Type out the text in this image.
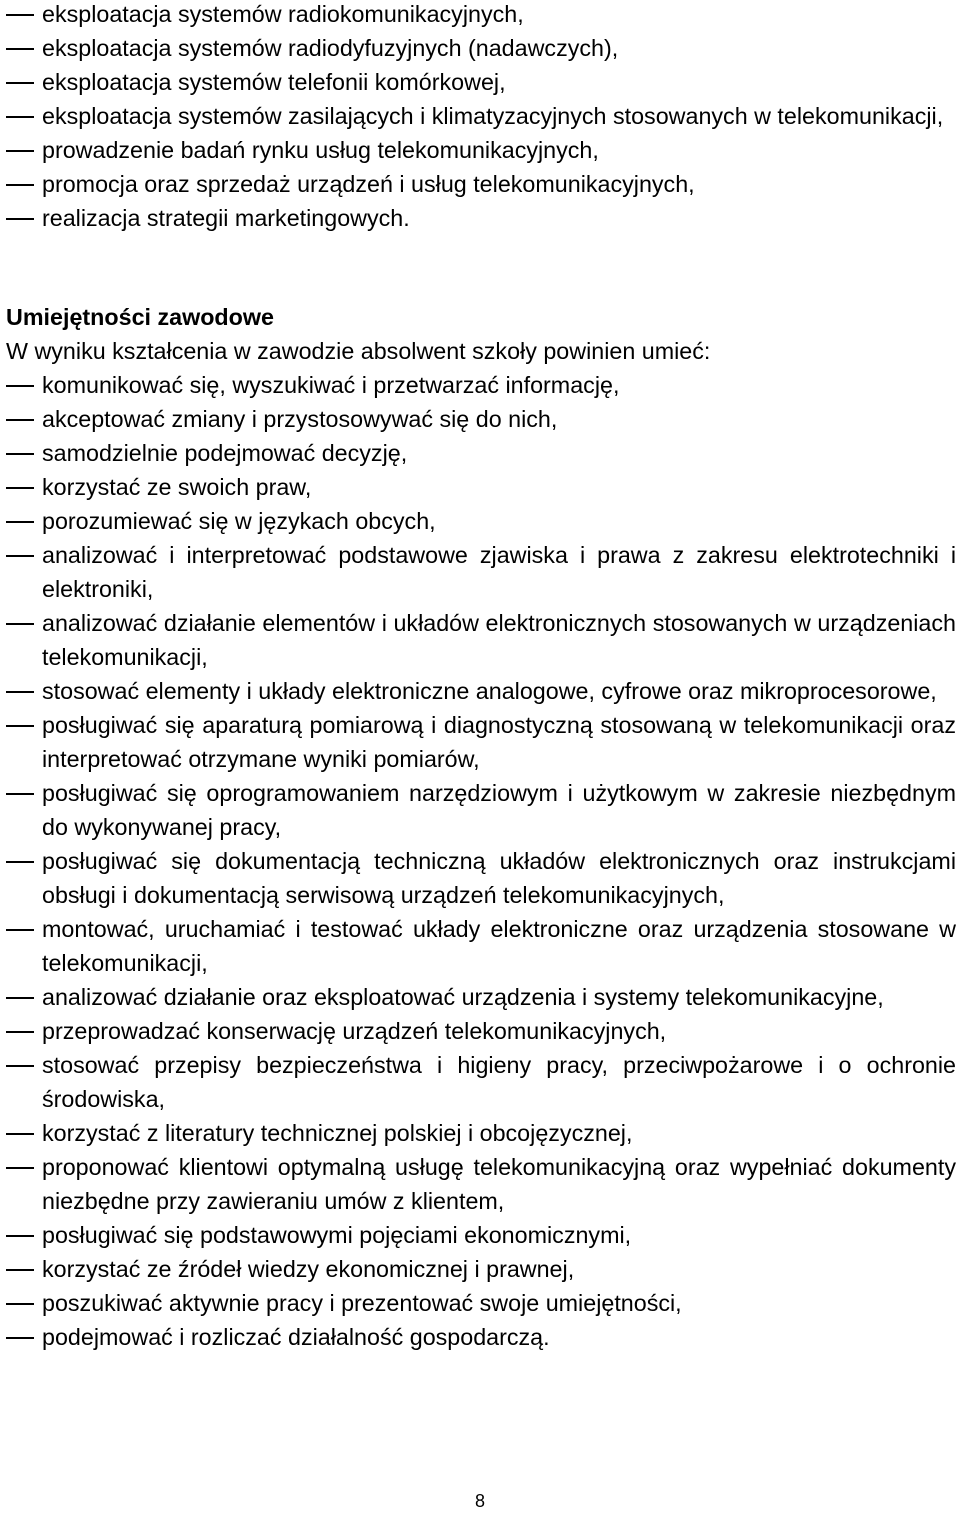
eksploatacja systemów radiokomunikacyjnych,
eksploatacja systemów radiodyfuzyjnych (nadawczych),
eksploatacja systemów telefonii komórkowej,
eksploatacja systemów zasilających i klimatyzacyjnych stosowanych w telekomunikacji,
prowadzenie badań rynku usług telekomunikacyjnych,
promocja oraz sprzedaż urządzeń i usług telekomunikacyjnych,
realizacja strategii marketingowych.
Umiejętności zawodowe

W wyniku kształcenia w zawodzie absolwent szkoły powinien umieć:

komunikować się, wyszukiwać i przetwarzać informację,
akceptować zmiany i przystosowywać się do nich,
samodzielnie podejmować decyzję,
korzystać ze swoich praw,
porozumiewać się w językach obcych,
analizować i interpretować podstawowe zjawiska i prawa z zakresu elektrotechniki i elektroniki,
analizować działanie elementów i układów elektronicznych stosowanych w urządzeniach telekomunikacji,
stosować elementy i układy elektroniczne analogowe, cyfrowe oraz mikroprocesorowe,
posługiwać się aparaturą pomiarową i diagnostyczną stosowaną w telekomunikacji oraz interpretować otrzymane wyniki pomiarów,
posługiwać się oprogramowaniem narzędziowym i użytkowym w zakresie niezbędnym do wykonywanej pracy,
posługiwać się dokumentacją techniczną układów elektronicznych oraz instrukcjami obsługi i dokumentacją serwisową urządzeń telekomunikacyjnych,
montować, uruchamiać i testować układy elektroniczne oraz urządzenia stosowane w telekomunikacji,
analizować działanie oraz eksploatować urządzenia i systemy telekomunikacyjne,
przeprowadzać konserwację urządzeń telekomunikacyjnych,
stosować przepisy bezpieczeństwa i higieny pracy, przeciwpożarowe i o ochronie środowiska,
korzystać z literatury technicznej polskiej i obcojęzycznej,
proponować klientowi optymalną usługę telekomunikacyjną oraz wypełniać dokumenty niezbędne przy zawieraniu umów z klientem,
posługiwać się podstawowymi pojęciami ekonomicznymi,
korzystać ze źródeł wiedzy ekonomicznej i prawnej,
poszukiwać aktywnie pracy i prezentować swoje umiejętności,
podejmować i rozliczać działalność gospodarczą.
8
